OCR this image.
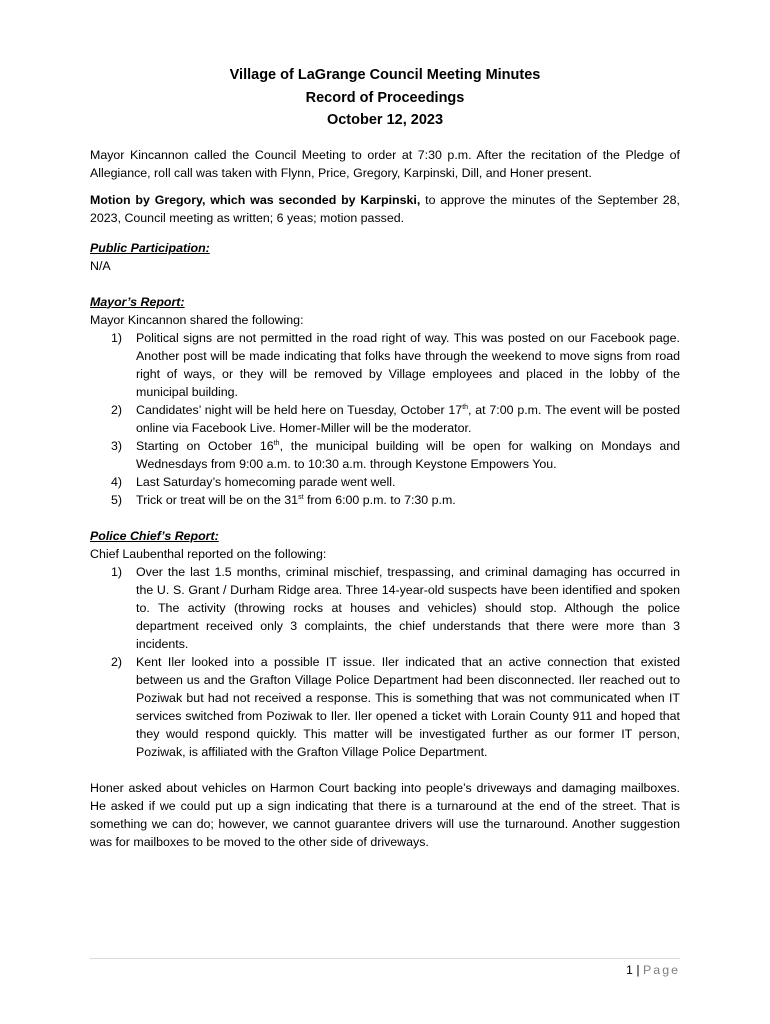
Village of LaGrange Council Meeting Minutes
Record of Proceedings
October 12, 2023

Mayor Kincannon called the Council Meeting to order at 7:30 p.m. After the recitation of the Pledge of Allegiance, roll call was taken with Flynn, Price, Gregory, Karpinski, Dill, and Honer present.

Motion by Gregory, which was seconded by Karpinski, to approve the minutes of the September 28, 2023, Council meeting as written; 6 yeas; motion passed.

Public Participation:
N/A
Mayor’s Report:
Mayor Kincannon shared the following:
1) Political signs are not permitted in the road right of way. This was posted on our Facebook page. Another post will be made indicating that folks have through the weekend to move signs from road right of ways, or they will be removed by Village employees and placed in the lobby of the municipal building.
2) Candidates’ night will be held here on Tuesday, October 17th, at 7:00 p.m. The event will be posted online via Facebook Live. Homer-Miller will be the moderator.
3) Starting on October 16th, the municipal building will be open for walking on Mondays and Wednesdays from 9:00 a.m. to 10:30 a.m. through Keystone Empowers You.
4) Last Saturday’s homecoming parade went well.
5) Trick or treat will be on the 31st from 6:00 p.m. to 7:30 p.m.
Police Chief’s Report:
Chief Laubenthal reported on the following:
1) Over the last 1.5 months, criminal mischief, trespassing, and criminal damaging has occurred in the U. S. Grant / Durham Ridge area. Three 14-year-old suspects have been identified and spoken to. The activity (throwing rocks at houses and vehicles) should stop. Although the police department received only 3 complaints, the chief understands that there were more than 3 incidents.
2) Kent Iler looked into a possible IT issue. Iler indicated that an active connection that existed between us and the Grafton Village Police Department had been disconnected. Iler reached out to Poziwak but had not received a response. This is something that was not communicated when IT services switched from Poziwak to Iler. Iler opened a ticket with Lorain County 911 and hoped that they would respond quickly. This matter will be investigated further as our former IT person, Poziwak, is affiliated with the Grafton Village Police Department.

Honer asked about vehicles on Harmon Court backing into people’s driveways and damaging mailboxes. He asked if we could put up a sign indicating that there is a turnaround at the end of the street. That is something we can do; however, we cannot guarantee drivers will use the turnaround. Another suggestion was for mailboxes to be moved to the other side of driveways.

1 | Page
